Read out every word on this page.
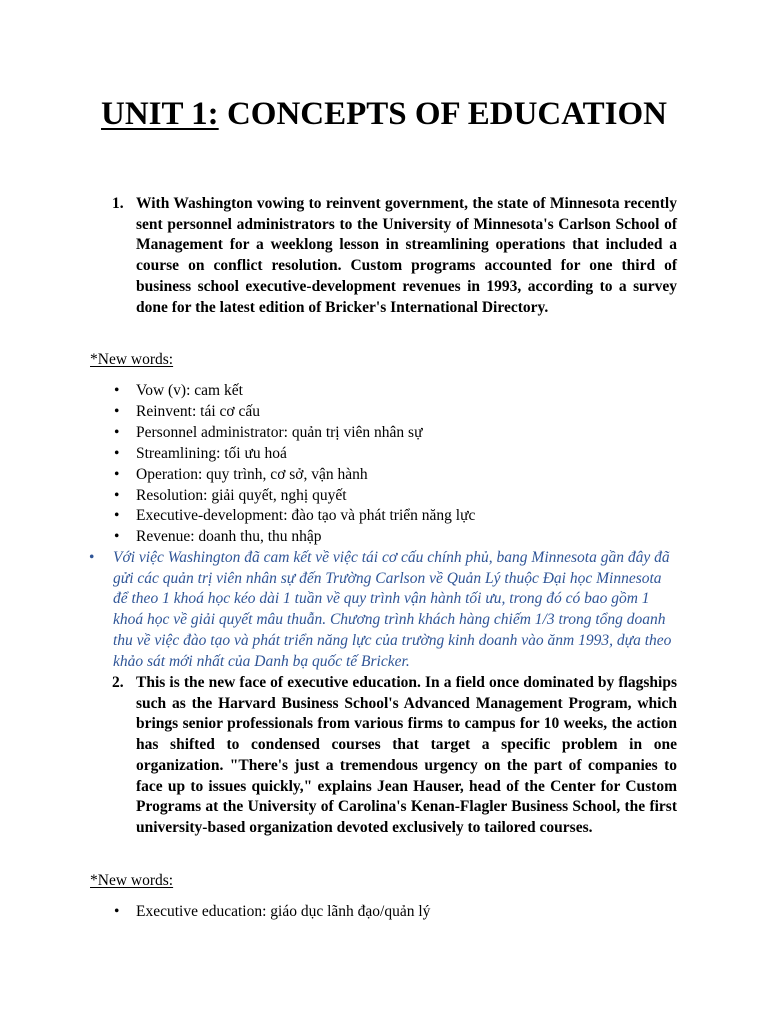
UNIT 1: CONCEPTS OF EDUCATION

1. With Washington vowing to reinvent government, the state of Minnesota recently sent personnel administrators to the University of Minnesota's Carlson School of Management for a weeklong lesson in streamlining operations that included a course on conflict resolution. Custom programs accounted for one third of business school executive-development revenues in 1993, according to a survey done for the latest edition of Bricker's International Directory.

*New words:

• Vow (v): cam kết
• Reinvent: tái cơ cấu
• Personnel administrator: quản trị viên nhân sự
• Streamlining: tối ưu hoá
• Operation: quy trình, cơ sở, vận hành
• Resolution: giải quyết, nghị quyết
• Executive-development: đào tạo và phát triển năng lực
• Revenue: doanh thu, thu nhập

• Với việc Washington đã cam kết về việc tái cơ cấu chính phủ, bang Minnesota gần đây đã gửi các quản trị viên nhân sự đến Trường Carlson về Quản Lý thuộc Đại học Minnesota để theo 1 khoá học kéo dài 1 tuần về quy trình vận hành tối ưu, trong đó có bao gồm 1 khoá học về giải quyết mâu thuẫn. Chương trình khách hàng chiếm 1/3 trong tổng doanh thu về việc đào tạo và phát triển năng lực của trường kinh doanh vào ănm 1993, dựa theo khảo sát mới nhất của Danh bạ quốc tế Bricker.

2. This is the new face of executive education. In a field once dominated by flagships such as the Harvard Business School's Advanced Management Program, which brings senior professionals from various firms to campus for 10 weeks, the action has shifted to condensed courses that target a specific problem in one organization. "There's just a tremendous urgency on the part of companies to face up to issues quickly," explains Jean Hauser, head of the Center for Custom Programs at the University of Carolina's Kenan-Flagler Business School, the first university-based organization devoted exclusively to tailored courses.

*New words:

• Executive education: giáo dục lãnh đạo/quản lý
